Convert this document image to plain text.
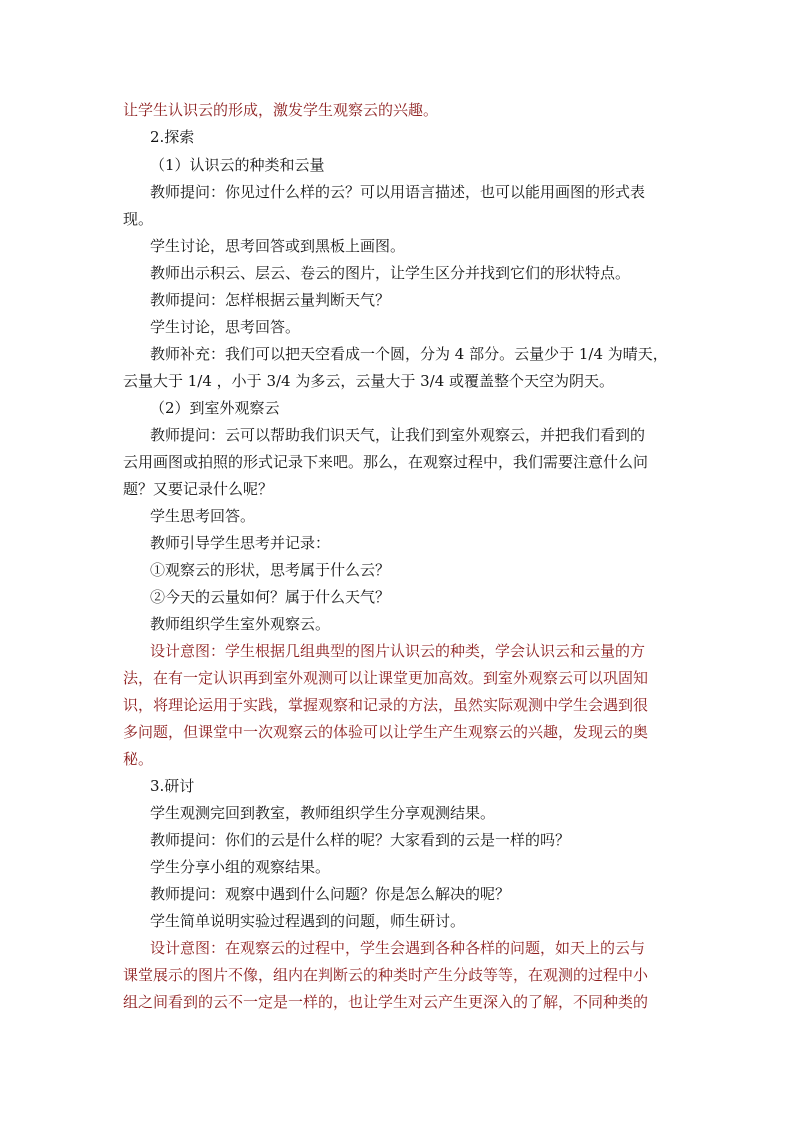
让学生认识云的形成，激发学生观察云的兴趣。
2.探索
（1）认识云的种类和云量
教师提问：你见过什么样的云？可以用语言描述，也可以能用画图的形式表
现。
学生讨论，思考回答或到黑板上画图。
教师出示积云、层云、卷云的图片，让学生区分并找到它们的形状特点。
教师提问：怎样根据云量判断天气？
学生讨论，思考回答。
教师补充：我们可以把天空看成一个圆，分为 4 部分。云量少于 1/4 为晴天，
云量大于 1/4 ，小于 3/4 为多云，云量大于 3/4 或覆盖整个天空为阴天。
（2）到室外观察云
教师提问：云可以帮助我们识天气，让我们到室外观察云，并把我们看到的
云用画图或拍照的形式记录下来吧。那么，在观察过程中，我们需要注意什么问
题？又要记录什么呢？
学生思考回答。
教师引导学生思考并记录：
①观察云的形状，思考属于什么云？
②今天的云量如何？属于什么天气？
教师组织学生室外观察云。
设计意图：学生根据几组典型的图片认识云的种类，学会认识云和云量的方
法，在有一定认识再到室外观测可以让课堂更加高效。到室外观察云可以巩固知
识，将理论运用于实践，掌握观察和记录的方法，虽然实际观测中学生会遇到很
多问题，但课堂中一次观察云的体验可以让学生产生观察云的兴趣，发现云的奥
秘。
3.研讨
学生观测完回到教室，教师组织学生分享观测结果。
教师提问：你们的云是什么样的呢？大家看到的云是一样的吗？
学生分享小组的观察结果。
教师提问：观察中遇到什么问题？你是怎么解决的呢？
学生简单说明实验过程遇到的问题，师生研讨。
设计意图：在观察云的过程中，学生会遇到各种各样的问题，如天上的云与
课堂展示的图片不像，组内在判断云的种类时产生分歧等等，在观测的过程中小
组之间看到的云不一定是一样的，也让学生对云产生更深入的了解，不同种类的
